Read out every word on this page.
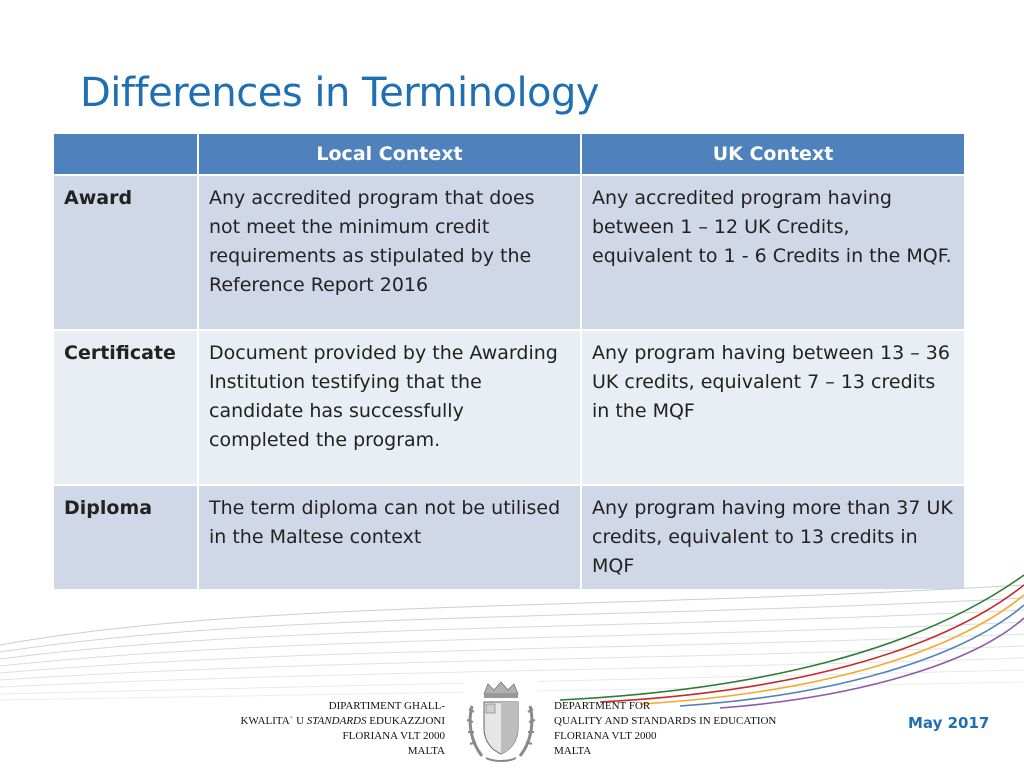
Differences in Terminology
	Local Context	UK Context
Award	Any accredited program that does not meet the minimum credit requirements as stipulated by the Reference Report 2016	Any accredited program having between 1 – 12 UK Credits, equivalent to 1 - 6 Credits in the MQF.
Certificate	Document provided by the Awarding Institution testifying that the candidate has successfully completed the program.	Any program having between 13 – 36 UK credits, equivalent 7 – 13 credits in the MQF
Diploma	The term diploma can not be utilised in the Maltese context	Any program having more than 37 UK credits, equivalent to 13 credits in MQF
DIPARTIMENT GHALL-
KWALITA` U STANDARDS EDUKAZZJONI
FLORIANA VLT 2000
MALTA
DEPARTMENT FOR
QUALITY AND STANDARDS IN EDUCATION
FLORIANA VLT 2000
MALTA
May 2017
